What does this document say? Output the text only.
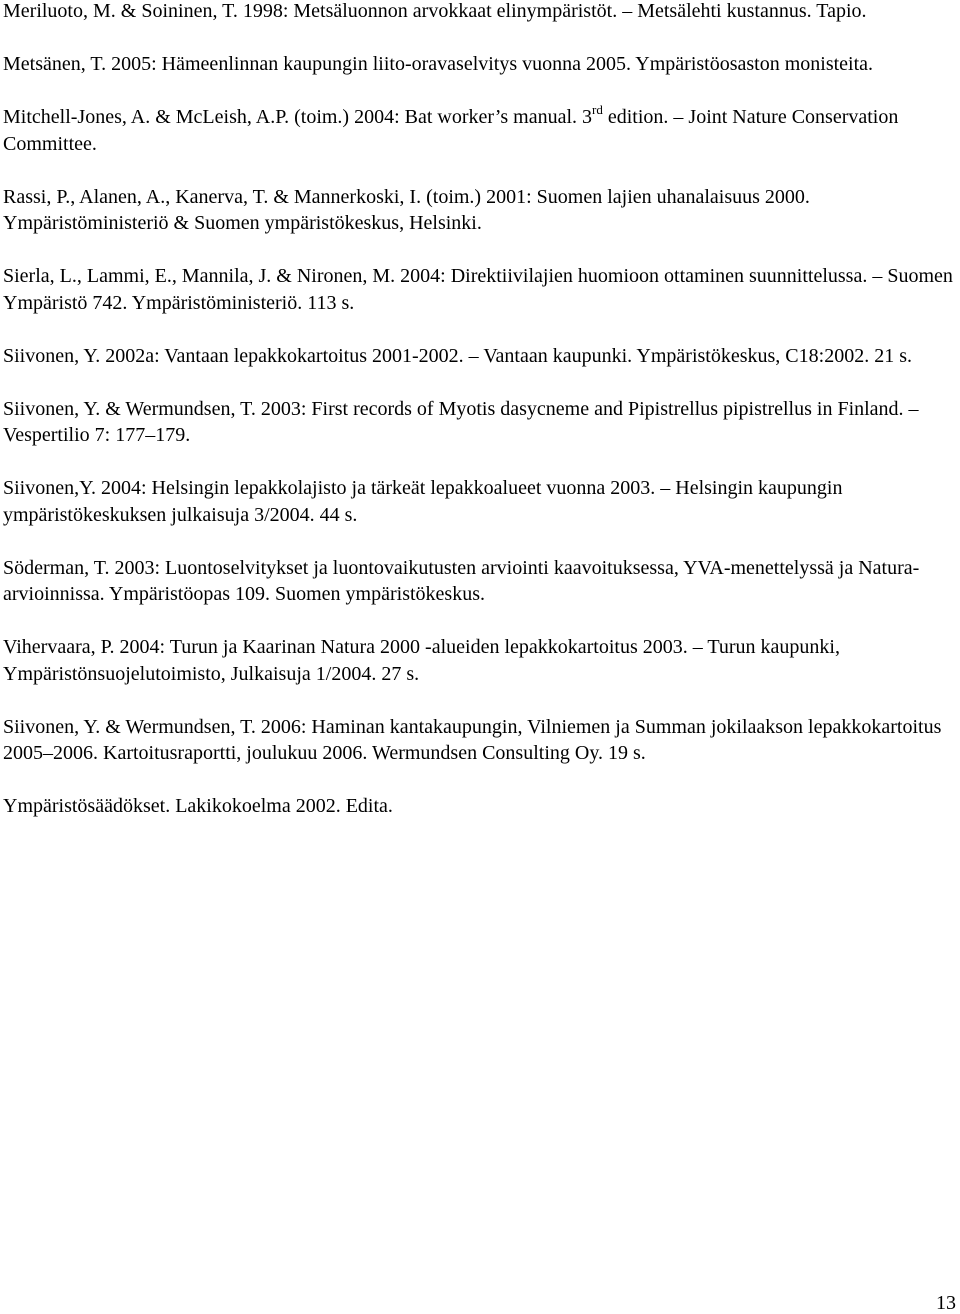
Meriluoto, M. & Soininen, T. 1998: Metsäluonnon arvokkaat elinympäristöt. – Metsälehti kustannus. Tapio.
Metsänen, T. 2005: Hämeenlinnan kaupungin liito-oravaselvitys vuonna 2005. Ympäristöosaston monisteita.
Mitchell-Jones, A. & McLeish, A.P. (toim.) 2004: Bat worker’s manual. 3rd edition. – Joint Nature Conservation Committee.
Rassi, P., Alanen, A., Kanerva, T. & Mannerkoski, I. (toim.) 2001: Suomen lajien uhanalaisuus 2000. Ympäristöministeriö & Suomen ympäristökeskus, Helsinki.
Sierla, L., Lammi, E., Mannila, J. & Nironen, M. 2004: Direktiivilajien huomioon ottaminen suunnittelussa. – Suomen Ympäristö 742. Ympäristöministeriö. 113 s.
Siivonen, Y. 2002a: Vantaan lepakkokartoitus 2001-2002. – Vantaan kaupunki. Ympäristökeskus, C18:2002. 21 s.
Siivonen, Y. & Wermundsen, T. 2003: First records of Myotis dasycneme and Pipistrellus pipistrellus in Finland. – Vespertilio 7: 177–179.
Siivonen,Y. 2004: Helsingin lepakkolajisto ja tärkeät lepakkoalueet vuonna 2003. – Helsingin kaupungin ympäristökeskuksen julkaisuja 3/2004. 44 s.
Söderman, T. 2003: Luontoselvitykset ja luontovaikutusten arviointi kaavoituksessa, YVA-menettelyssä ja Natura-arvioinnissa. Ympäristöopas 109. Suomen ympäristökeskus.
Vihervaara, P. 2004: Turun ja Kaarinan Natura 2000 -alueiden lepakkokartoitus 2003. – Turun kaupunki, Ympäristönsuojelutoimisto, Julkaisuja 1/2004. 27 s.
Siivonen, Y. & Wermundsen, T. 2006: Haminan kantakaupungin, Vilniemen ja Summan jokilaakson lepakkokartoitus 2005–2006. Kartoitusraportti, joulukuu 2006. Wermundsen Consulting Oy. 19 s.
Ympäristösäädökset. Lakikokoelma 2002. Edita.
13
